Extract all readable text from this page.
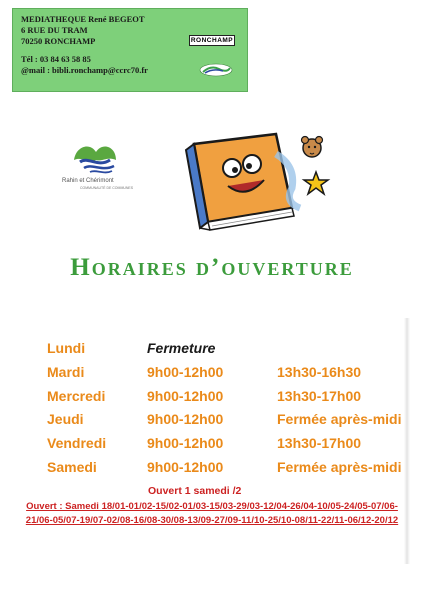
MEDIATHEQUE René BEGEOT
6 RUE DU TRAM
70250 RONCHAMP
Tél : 03 84 63 58 85
@mail : bibli.ronchamp@ccrc70.fr
RONCHAMP
Rahin et Chérimont
COMMUNAUTÉ DE COMMUNES
Horaires d’ouverture
Lundi	Fermeture
Mardi	9h00-12h00	13h30-16h30
Mercredi	9h00-12h00	13h30-17h00
Jeudi	9h00-12h00	Fermée après-midi
Vendredi	9h00-12h00	13h30-17h00
Samedi	9h00-12h00	Fermée après-midi
Ouvert 1 samedi /2
Ouvert : Samedi 18/01-01/02-15/02-01/03-15/03-29/03-12/04-26/04-10/05-24/05-07/06-21/06-05/07-19/07-02/08-16/08-30/08-13/09-27/09-11/10-25/10-08/11-22/11-06/12-20/12
